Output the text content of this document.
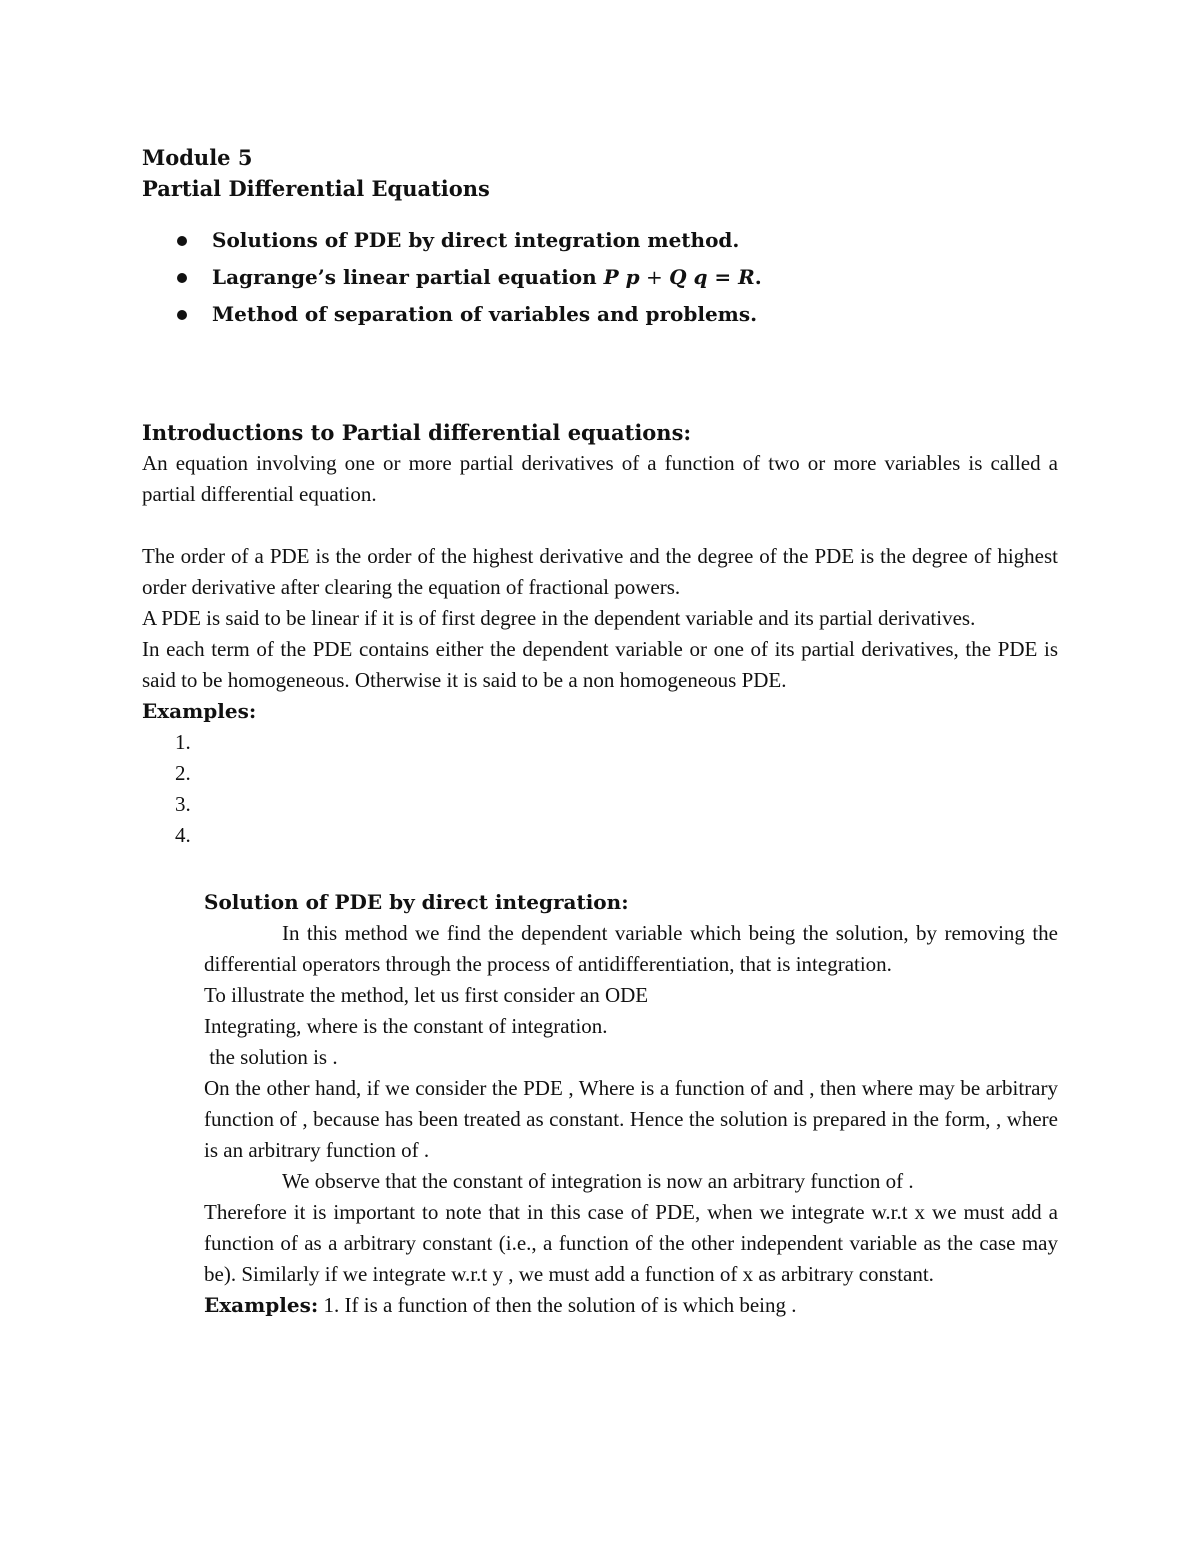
Module 5
Partial Differential Equations
Solutions of PDE by direct integration method.
Lagrange’s linear partial equation P p + Q q = R.
Method of separation of variables and problems.
Introductions to Partial differential equations:

An equation involving one or more partial derivatives of a function of two or more variables is called a partial differential equation.

The order of a PDE is the order of the highest derivative and the degree of the PDE is the degree of highest order derivative after clearing the equation of fractional powers.

A PDE is said to be linear if it is of first degree in the dependent variable and its partial derivatives.

In each term of the PDE contains either the dependent variable or one of its partial derivatives, the PDE is said to be homogeneous. Otherwise it is said to be a non homogeneous PDE.

Examples:
1.
2.
3.
4.
Solution of PDE by direct integration:

In this method we find the dependent variable which being the solution, by removing the differential operators through the process of antidifferentiation, that is integration.

To illustrate the method, let us first consider an ODE

Integrating, where is the constant of integration.

the solution is .

On the other hand, if we consider the PDE , Where is a function of and , then where may be arbitrary function of , because has been treated as constant. Hence the solution is prepared in the form, , where is an arbitrary function of .

We observe that the constant of integration is now an arbitrary function of .

Therefore it is important to note that in this case of PDE, when we integrate w.r.t x we must add a function of as a arbitrary constant (i.e., a function of the other independent variable as the case may be). Similarly if we integrate w.r.t y , we must add a function of x as arbitrary constant.

Examples: 1. If is a function of then the solution of is which being .
